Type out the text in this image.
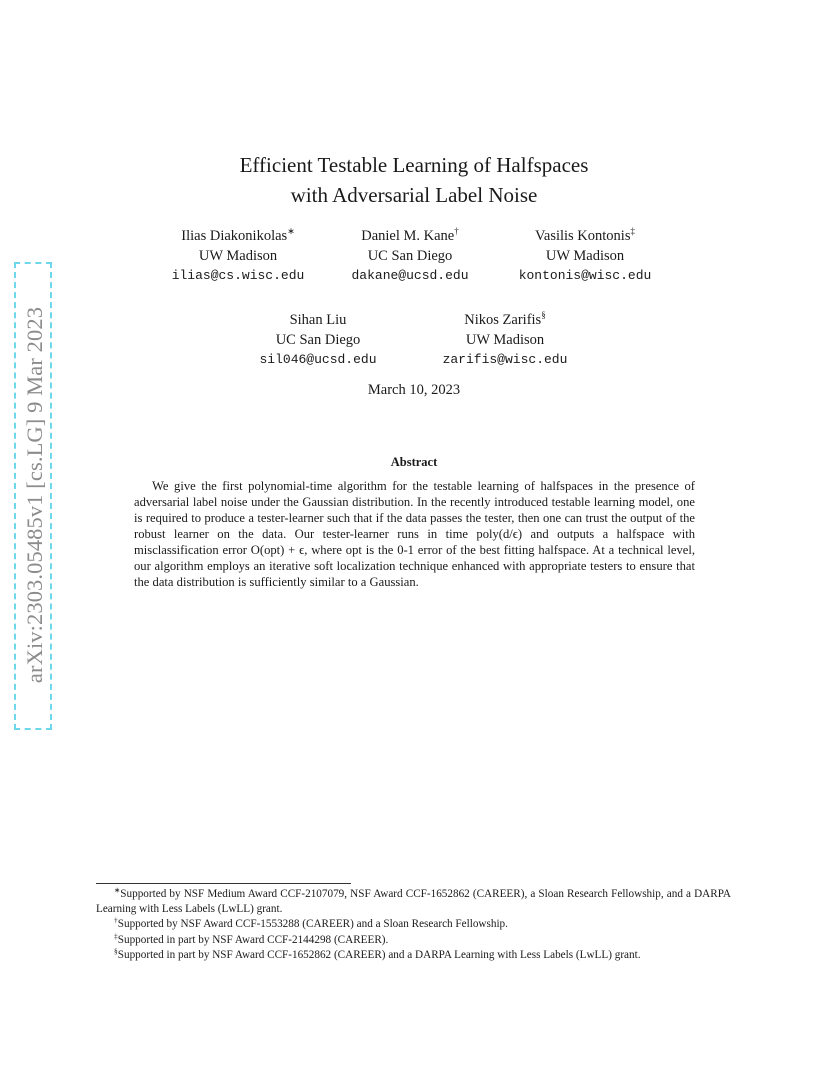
arXiv:2303.05485v1 [cs.LG] 9 Mar 2023
Efficient Testable Learning of Halfspaces
with Adversarial Label Noise
Ilias Diakonikolas∗
UW Madison
ilias@cs.wisc.edu
Daniel M. Kane†
UC San Diego
dakane@ucsd.edu
Vasilis Kontonis‡
UW Madison
kontonis@wisc.edu
Sihan Liu
UC San Diego
sil046@ucsd.edu
Nikos Zarifis§
UW Madison
zarifis@wisc.edu
March 10, 2023
Abstract
We give the first polynomial-time algorithm for the testable learning of halfspaces in the presence of adversarial label noise under the Gaussian distribution. In the recently introduced testable learning model, one is required to produce a tester-learner such that if the data passes the tester, then one can trust the output of the robust learner on the data. Our tester-learner runs in time poly(d/ϵ) and outputs a halfspace with misclassification error O(opt) + ϵ, where opt is the 0-1 error of the best fitting halfspace. At a technical level, our algorithm employs an iterative soft localization technique enhanced with appropriate testers to ensure that the data distribution is sufficiently similar to a Gaussian.

∗Supported by NSF Medium Award CCF-2107079, NSF Award CCF-1652862 (CAREER), a Sloan Research Fellowship, and a DARPA Learning with Less Labels (LwLL) grant.

†Supported by NSF Award CCF-1553288 (CAREER) and a Sloan Research Fellowship.

‡Supported in part by NSF Award CCF-2144298 (CAREER).

§Supported in part by NSF Award CCF-1652862 (CAREER) and a DARPA Learning with Less Labels (LwLL) grant.
